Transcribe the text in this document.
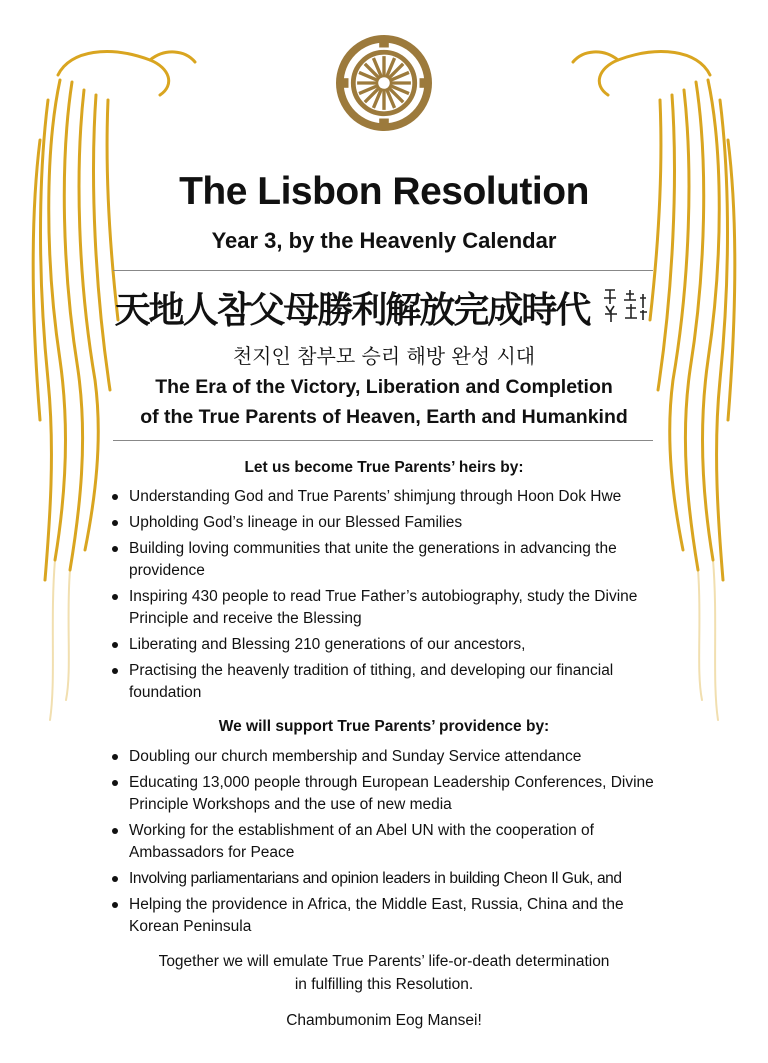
The Lisbon Resolution
Year 3, by the Heavenly Calendar
天地人참父母勝利解放完成時代
천지인 참부모 승리 해방 완성 시대
The Era of the Victory, Liberation and Completion
of the True Parents of Heaven, Earth and Humankind
Let us become True Parents’ heirs by:
Understanding God and True Parents’ shimjung through Hoon Dok Hwe
Upholding God’s lineage in our Blessed Families
Building loving communities that unite the generations in advancing the providence
Inspiring 430 people to read True Father’s autobiography, study the Divine Principle and receive the Blessing
Liberating and Blessing 210 generations of our ancestors,
Practising the heavenly tradition of tithing, and developing our financial foundation
We will support True Parents’ providence by:
Doubling our church membership and Sunday Service attendance
Educating 13,000 people through European Leadership Conferences, Divine Principle Workshops and the use of new media
Working for the establishment of an Abel UN with the cooperation of Ambassadors for Peace
Involving parliamentarians and opinion leaders in building Cheon Il Guk, and
Helping the providence in Africa, the Middle East, Russia, China and the Korean Peninsula
Together we will emulate True Parents’ life-or-death determination
in fulfilling this Resolution.
Chambumonim Eog Mansei!
